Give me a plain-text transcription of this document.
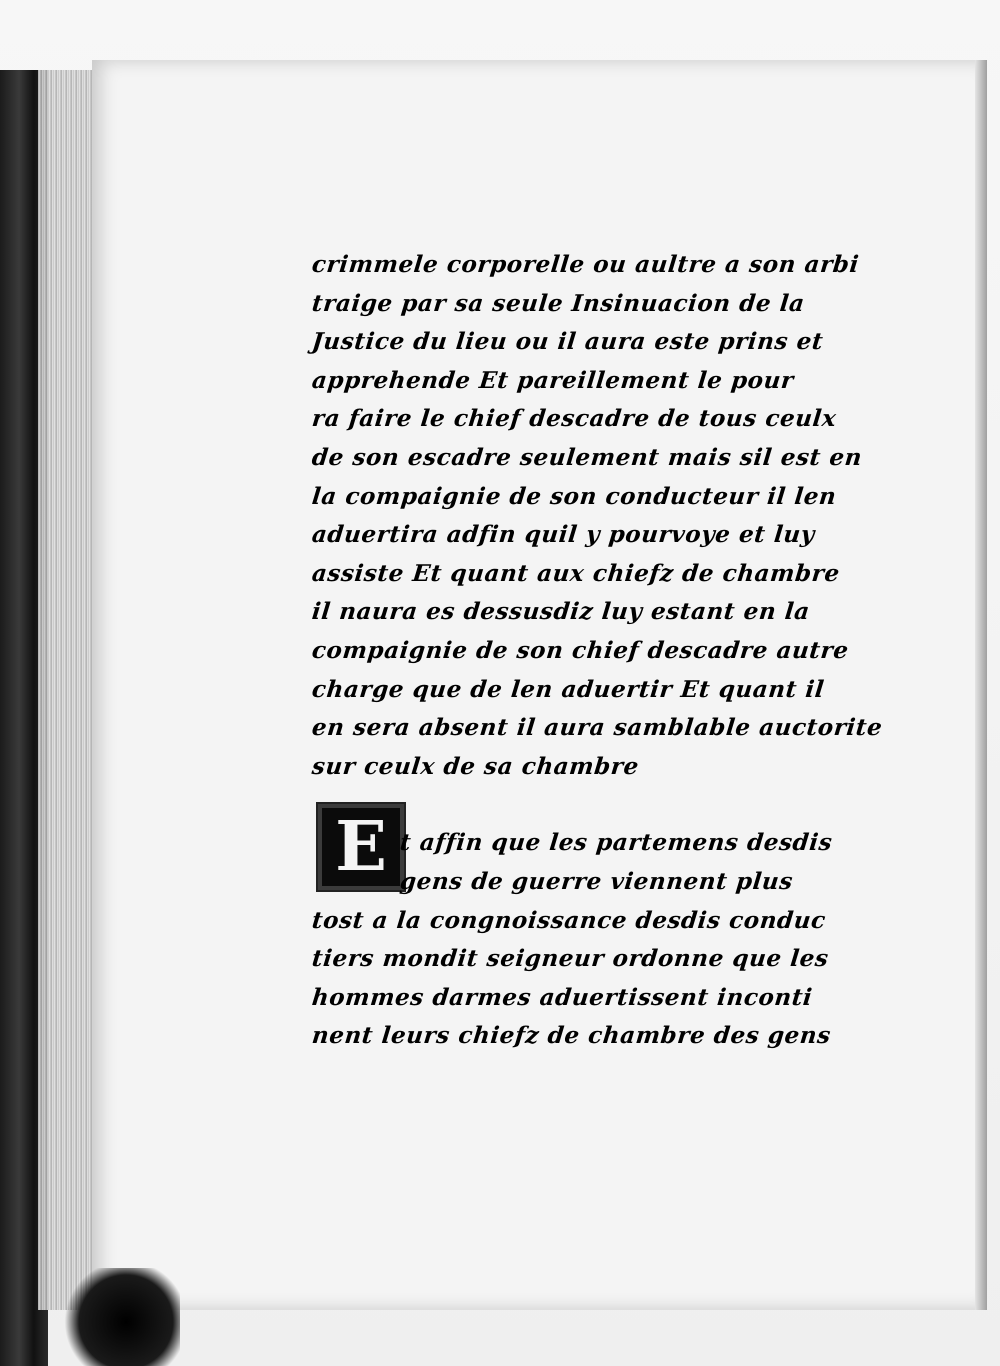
E
crimmele corporelle ou aultre a son arbi
traige par sa seule Insinuacion de la
Justice du lieu ou il aura este prins et
apprehende Et pareillement le pour
ra faire le chief descadre de tous ceulx
de son escadre seulement mais sil est en
la compaignie de son conducteur il len
aduertira adfin quil y pourvoye et luy
assiste Et quant aux chiefz de chambre
il naura es dessusdiz luy estant en la
compaignie de son chief descadre autre
charge que de len aduertir Et quant il
en sera absent il aura samblable auctorite
sur ceulx de sa chambre
t affin que les partemens desdis
gens de guerre viennent plus
tost a la congnoissance desdis conduc
tiers mondit seigneur ordonne que les
hommes darmes aduertissent inconti
nent leurs chiefz de chambre des gens
